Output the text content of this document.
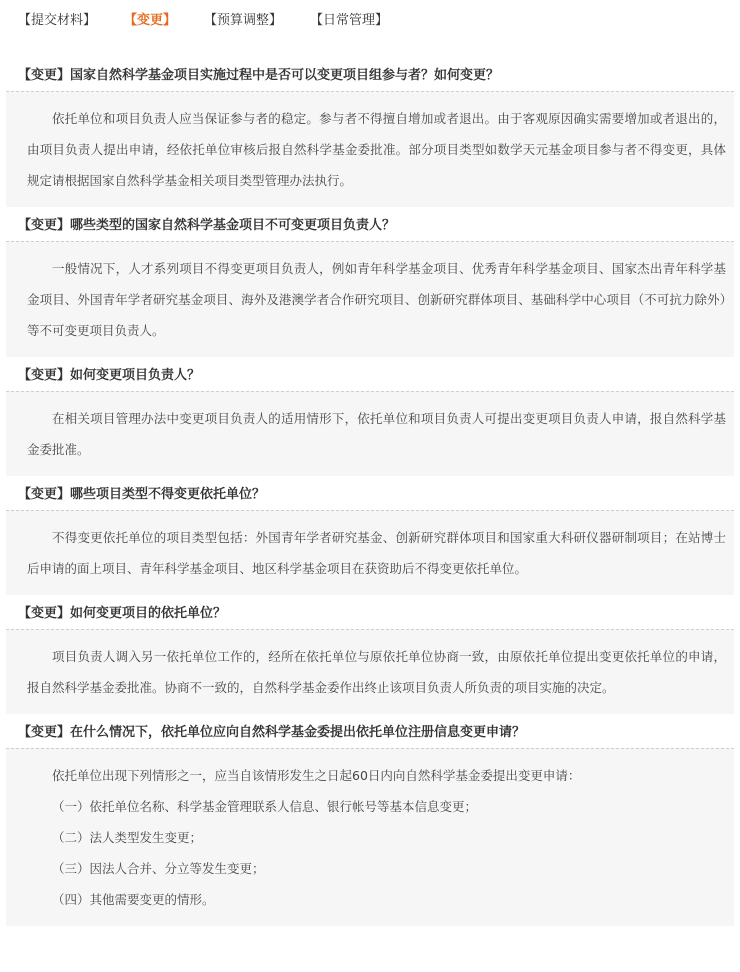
【提交材料】 【变更】 【预算调整】 【日常管理】
【变更】国家自然科学基金项目实施过程中是否可以变更项目组参与者？如何变更？

依托单位和项目负责人应当保证参与者的稳定。参与者不得擅自增加或者退出。由于客观原因确实需要增加或者退出的，由项目负责人提出申请，经依托单位审核后报自然科学基金委批准。部分项目类型如数学天元基金项目参与者不得变更，具体规定请根据国家自然科学基金相关项目类型管理办法执行。

【变更】哪些类型的国家自然科学基金项目不可变更项目负责人？

一般情况下，人才系列项目不得变更项目负责人，例如青年科学基金项目、优秀青年科学基金项目、国家杰出青年科学基金项目、外国青年学者研究基金项目、海外及港澳学者合作研究项目、创新研究群体项目、基础科学中心项目（不可抗力除外）等不可变更项目负责人。

【变更】如何变更项目负责人？

在相关项目管理办法中变更项目负责人的适用情形下，依托单位和项目负责人可提出变更项目负责人申请，报自然科学基金委批准。

【变更】哪些项目类型不得变更依托单位？

不得变更依托单位的项目类型包括：外国青年学者研究基金、创新研究群体项目和国家重大科研仪器研制项目；在站博士后申请的面上项目、青年科学基金项目、地区科学基金项目在获资助后不得变更依托单位。

【变更】如何变更项目的依托单位？

项目负责人调入另一依托单位工作的，经所在依托单位与原依托单位协商一致，由原依托单位提出变更依托单位的申请，报自然科学基金委批准。协商不一致的，自然科学基金委作出终止该项目负责人所负责的项目实施的决定。

【变更】在什么情况下，依托单位应向自然科学基金委提出依托单位注册信息变更申请？

依托单位出现下列情形之一，应当自该情形发生之日起60日内向自然科学基金委提出变更申请：

（一）依托单位名称、科学基金管理联系人信息、银行帐号等基本信息变更；
（二）法人类型发生变更；
（三）因法人合并、分立等发生变更；
（四）其他需要变更的情形。
